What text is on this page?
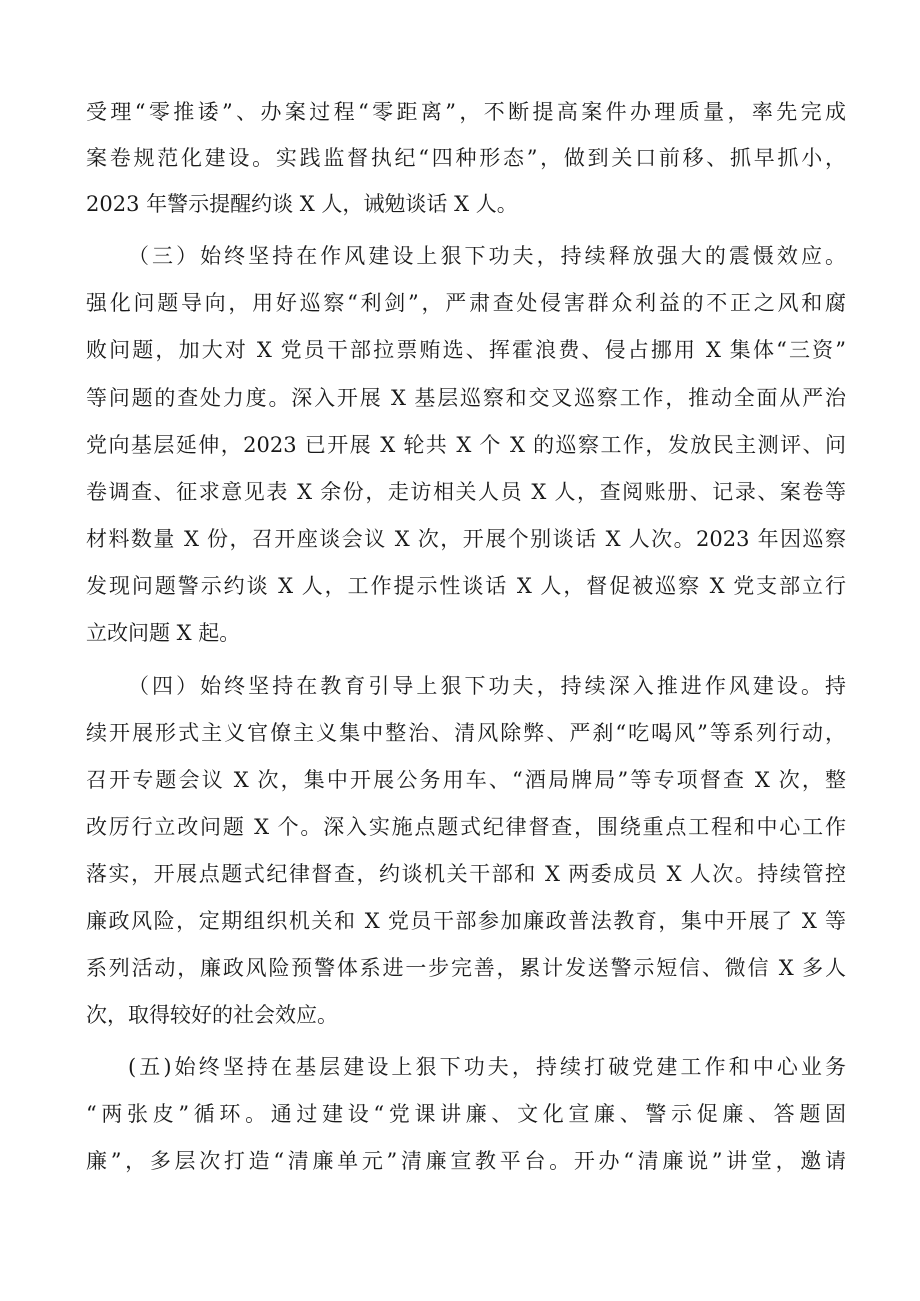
受理“零推诿”、办案过程“零距离”，不断提高案件办理质量，率先完成
案卷规范化建设。实践监督执纪“四种形态”，做到关口前移、抓早抓小，
2023 年警示提醒约谈 X 人，诫勉谈话 X 人。
（三）始终坚持在作风建设上狠下功夫，持续释放强大的震慑效应。
强化问题导向，用好巡察“利剑”，严肃查处侵害群众利益的不正之风和腐
败问题，加大对 X 党员干部拉票贿选、挥霍浪费、侵占挪用 X 集体“三资”
等问题的查处力度。深入开展 X 基层巡察和交叉巡察工作，推动全面从严治
党向基层延伸，2023 已开展 X 轮共 X 个 X 的巡察工作，发放民主测评、问
卷调查、征求意见表 X 余份，走访相关人员 X 人，查阅账册、记录、案卷等
材料数量 X 份，召开座谈会议 X 次，开展个别谈话 X 人次。2023 年因巡察
发现问题警示约谈 X 人，工作提示性谈话 X 人，督促被巡察 X 党支部立行
立改问题 X 起。
（四）始终坚持在教育引导上狠下功夫，持续深入推进作风建设。持
续开展形式主义官僚主义集中整治、清风除弊、严刹“吃喝风”等系列行动，
召开专题会议 X 次，集中开展公务用车、“酒局牌局”等专项督查 X 次，整
改厉行立改问题 X 个。深入实施点题式纪律督查，围绕重点工程和中心工作
落实，开展点题式纪律督查，约谈机关干部和 X 两委成员 X 人次。持续管控
廉政风险，定期组织机关和 X 党员干部参加廉政普法教育，集中开展了 X 等
系列活动，廉政风险预警体系进一步完善，累计发送警示短信、微信 X 多人
次，取得较好的社会效应。
(五)始终坚持在基层建设上狠下功夫，持续打破党建工作和中心业务
“两张皮”循环。通过建设“党课讲廉、文化宣廉、警示促廉、答题固
廉”，多层次打造“清廉单元”清廉宣教平台。开办“清廉说”讲堂，邀请
